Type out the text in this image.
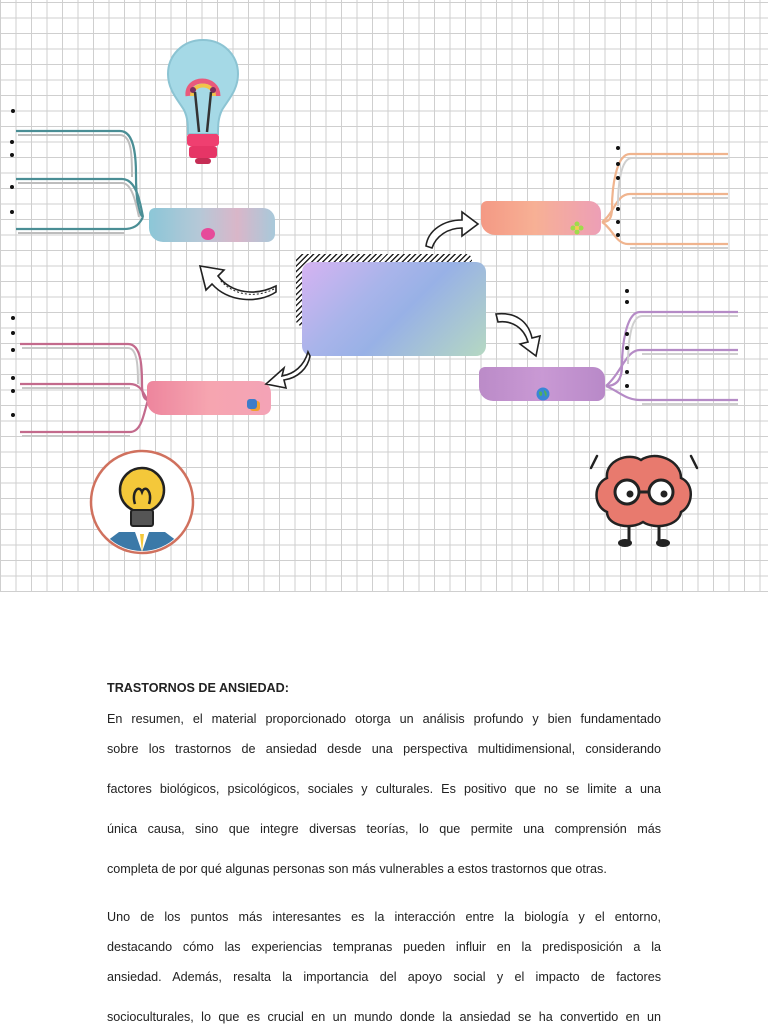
TRASTORNOS DE ANSIEDAD:

En resumen, el material proporcionado otorga un análisis profundo y bien fundamentado
sobre los trastornos de ansiedad desde una perspectiva multidimensional, considerando
factores biológicos, psicológicos, sociales y culturales. Es positivo que no se limite a una
única causa, sino que integre diversas teorías, lo que permite una comprensión más
completa de por qué algunas personas son más vulnerables a estos trastornos que otras.

Uno de los puntos más interesantes es la interacción entre la biología y el entorno,
destacando cómo las experiencias tempranas pueden influir en la predisposición a la
ansiedad. Además, resalta la importancia del apoyo social y el impacto de factores
socioculturales, lo que es crucial en un mundo donde la ansiedad se ha convertido en un
